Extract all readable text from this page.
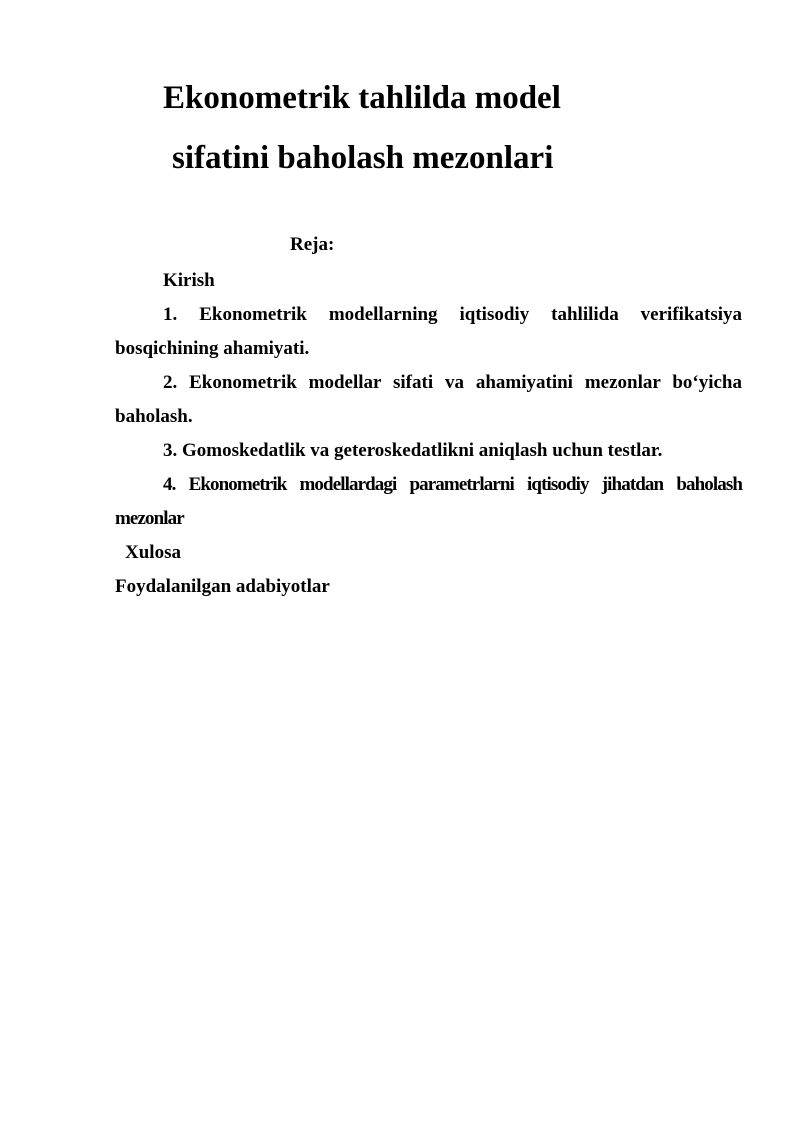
Ekonometrik tahlilda model
sifatini baholash mezonlari
Reja:

Kirish

1. Ekonometrik modellarning iqtisodiy tahlilida verifikatsiya bosqichining ahamiyati.

2. Ekonometrik modellar sifati va ahamiyatini mezonlar bo‘yicha baholash.

3. Gomoskedatlik va geteroskedatlikni aniqlash uchun testlar.

4. Ekonometrik modellardagi parametrlarni iqtisodiy jihatdan baholash mezonlar

Xulosa

Foydalanilgan adabiyotlar
